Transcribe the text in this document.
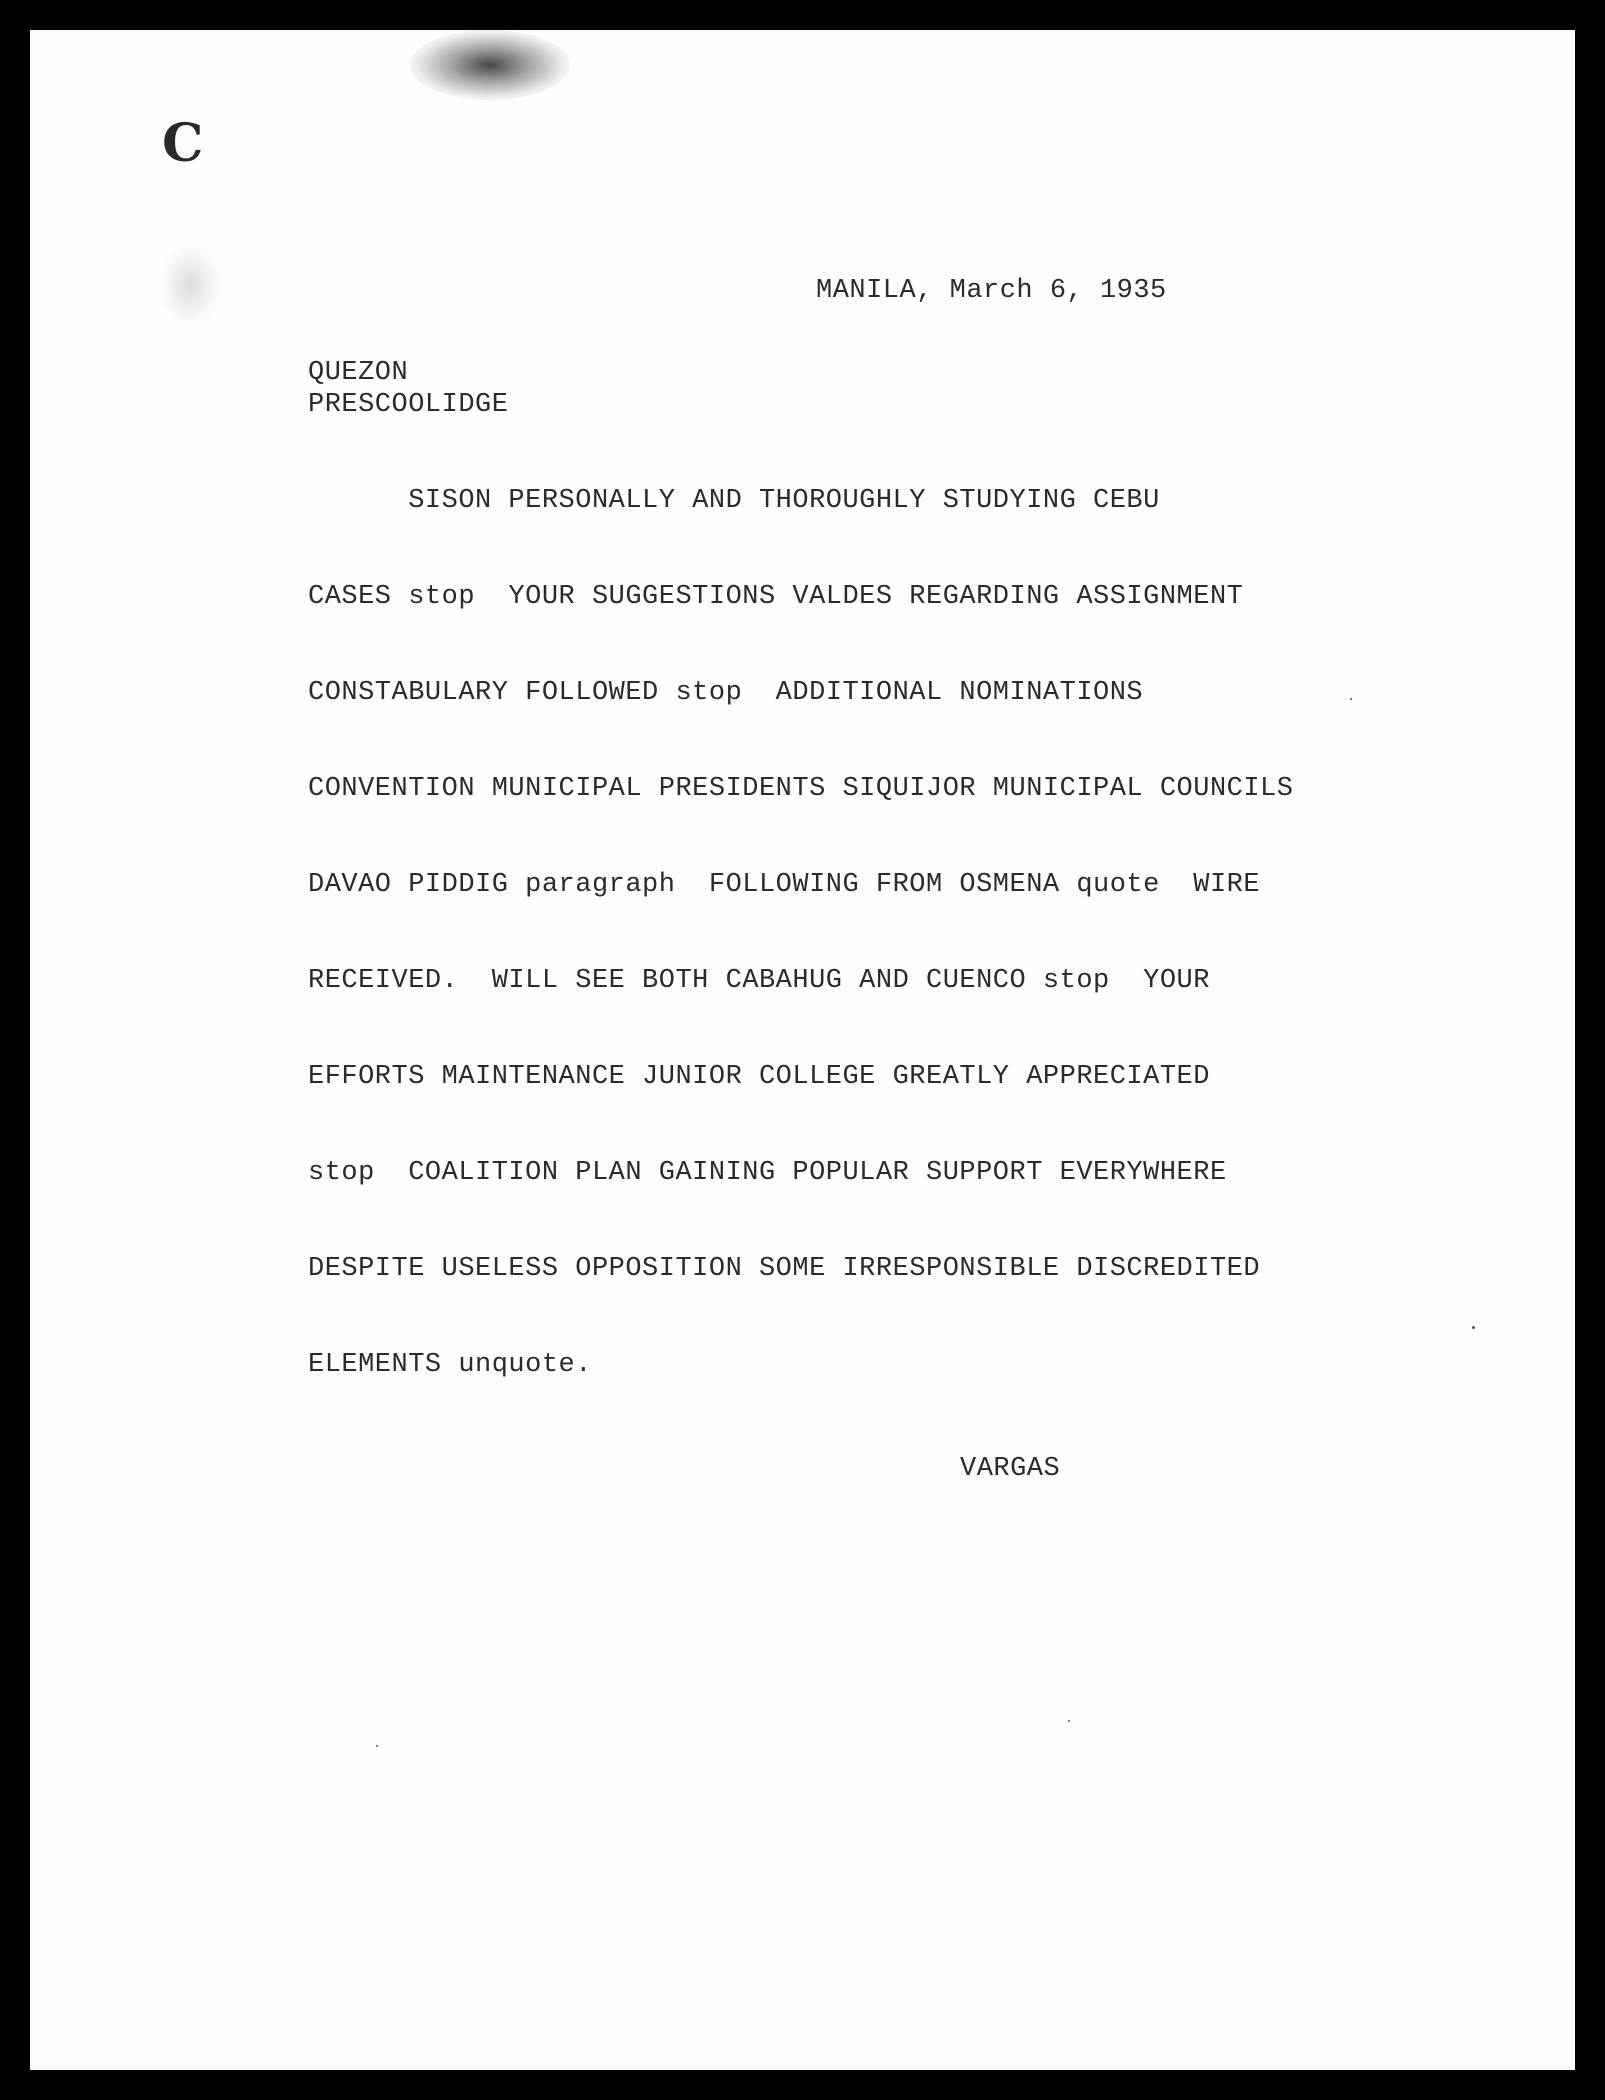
C
MANILA, March 6, 1935
QUEZON
PRESCOOLIDGE
SISON PERSONALLY AND THOROUGHLY STUDYING CEBU
CASES stop  YOUR SUGGESTIONS VALDES REGARDING ASSIGNMENT
CONSTABULARY FOLLOWED stop  ADDITIONAL NOMINATIONS
CONVENTION MUNICIPAL PRESIDENTS SIQUIJOR MUNICIPAL COUNCILS
DAVAO PIDDIG paragraph  FOLLOWING FROM OSMENA quote  WIRE
RECEIVED.  WILL SEE BOTH CABAHUG AND CUENCO stop  YOUR
EFFORTS MAINTENANCE JUNIOR COLLEGE GREATLY APPRECIATED
stop  COALITION PLAN GAINING POPULAR SUPPORT EVERYWHERE
DESPITE USELESS OPPOSITION SOME IRRESPONSIBLE DISCREDITED
ELEMENTS unquote.
VARGAS
